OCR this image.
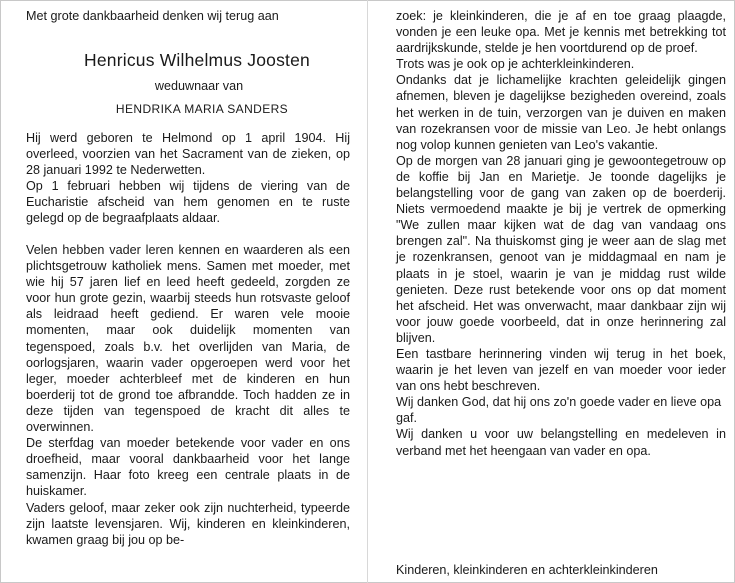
Met grote dankbaarheid denken wij terug aan
Henricus Wilhelmus Joosten
weduwnaar van
HENDRIKA MARIA SANDERS

Hij werd geboren te Helmond op 1 april 1904. Hij overleed, voorzien van het Sacrament van de zieken, op 28 januari 1992 te Nederwetten.

Op 1 februari hebben wij tijdens de viering van de Eucharistie afscheid van hem genomen en te ruste gelegd op de begraafplaats aldaar.

Velen hebben vader leren kennen en waarderen als een plichtsgetrouw katholiek mens. Samen met moeder, met wie hij 57 jaren lief en leed heeft gedeeld, zorgden ze voor hun grote gezin, waarbij steeds hun rotsvaste geloof als leidraad heeft gediend. Er waren vele mooie momenten, maar ook duidelijk momenten van tegenspoed, zoals b.v. het overlijden van Maria, de oorlogsjaren, waarin vader opgeroepen werd voor het leger, moeder achterbleef met de kinderen en hun boerderij tot de grond toe afbrandde. Toch hadden ze in deze tijden van tegenspoed de kracht dit alles te overwinnen.

De sterfdag van moeder betekende voor vader en ons droefheid, maar vooral dankbaarheid voor het lange samenzijn. Haar foto kreeg een centrale plaats in de huiskamer.

Vaders geloof, maar zeker ook zijn nuchterheid, typeerde zijn laatste levensjaren. Wij, kinderen en kleinkinderen, kwamen graag bij jou op be-

zoek: je kleinkinderen, die je af en toe graag plaagde, vonden je een leuke opa. Met je kennis met betrekking tot aardrijkskunde, stelde je hen voortdurend op de proef.

Trots was je ook op je achterkleinkinderen.

Ondanks dat je lichamelijke krachten geleidelijk gingen afnemen, bleven je dagelijkse bezigheden overeind, zoals het werken in de tuin, verzorgen van je duiven en maken van rozekransen voor de missie van Leo. Je hebt onlangs nog volop kunnen genieten van Leo's vakantie.

Op de morgen van 28 januari ging je gewoontegetrouw op de koffie bij Jan en Marietje. Je toonde dagelijks je belangstelling voor de gang van zaken op de boerderij. Niets vermoedend maakte je bij je vertrek de opmerking "We zullen maar kijken wat de dag van vandaag ons brengen zal". Na thuiskomst ging je weer aan de slag met je rozenkransen, genoot van je middagmaal en nam je plaats in je stoel, waarin je van je middag rust wilde genieten. Deze rust betekende voor ons op dat moment het afscheid. Het was onverwacht, maar dankbaar zijn wij voor jouw goede voorbeeld, dat in onze herinnering zal blijven.

Een tastbare herinnering vinden wij terug in het boek, waarin je het leven van jezelf en van moeder voor ieder van ons hebt beschreven.

Wij danken God, dat hij ons zo'n goede vader en lieve opa gaf.

Wij danken u voor uw belangstelling en medeleven in verband met het heengaan van vader en opa.

Kinderen, kleinkinderen en achterkleinkinderen
